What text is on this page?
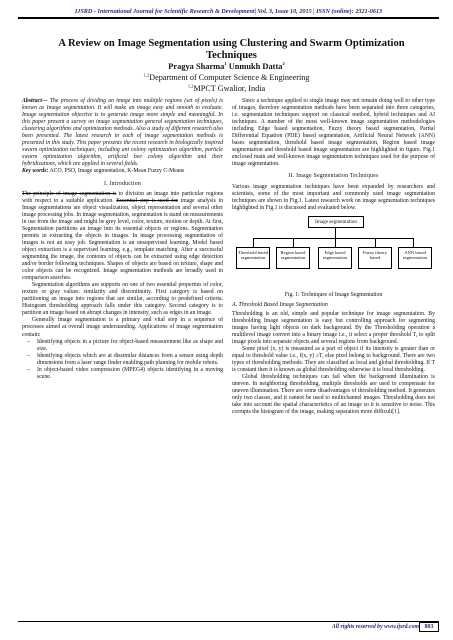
IJSRD - International Journal for Scientific Research & Development| Vol. 3, Issue 10, 2015 | ISSN (online): 2321-0613
A Review on Image Segmentation using Clustering and Swarm Optimization Techniques
Pragya Sharma$^1$ Unmukh Datta$^2$
$^{1,2}$Department of Computer Science & Engineering
$^{1,2}$MPCT Gwalior, India

Abstract— The process of dividing an image into multiple regions (set of pixels) is known as Image segmentation. It will make an image easy and smooth to evaluate. Image segmentation objective is to generate image more simple and meaningful. In this paper present a survey on image segmentation general segmentation techniques, clustering algorithms and optimization methods. Also a study of different research also been presented. The latest research in each of image segmentation methods is presented in this study. This paper presents the recent research in biologically inspired swarm optimization techniques, including ant colony optimization algorithm, particle swarm optimization algorithm, artificial bee colony algorithm and their hybridizations, which are applied in several fields.

Key words: ACO, PSO, Image segmentation, K-Mean Fuzzy C-Means

I. Introduction

The principle of image segmentation is to division an image into particular regions with respect to a suitable application. Essential step is used for image analysis in Image segmentations are object visualization, object representation and several other image processing jobs. In image segmentation, segmentation is stand on measurements in use from the image and might be grey level, color, texture, motion or depth. At first, Segmentation partitions an image into its essential objects or regions. Segmentation permits in extracting the objects in images. In image processing segmentation of images is not an easy job. Segmentation is an unsupervised learning. Model based object extraction is a supervised learning, e.g., template matching. After a successful segmenting the image, the contours of objects can be extracted using edge detection and/or border following techniques. Shapes of objects are based on texture, shape and color objects can be recognized. Image segmentation methods are broadly used in comparison searches.

Segmentation algorithms are supports on one of two essential properties of color, texture or gray values: similarity and discontinuity. First category is based on partitioning an image into regions that are similar, according to predefined criteria. Histogram thresholding approach falls under this category. Second category is to partition an image based on abrupt changes in intensity, such as edges in an image.

Generally image segmentation is a primary and vital step in a sequence of processes aimed at overall image understanding. Applications of image segmentation contain:

–	Identifying objects in a picture for object-based measurement like as shape and size.
–	Identifying objects which are at dissimilar distances from a sensor using depth dimensions from a laser range finder enabling path planning for mobile robots.
–	In object-based video compression (MPEG4) objects identifying in a moving scene.

Since a technique applied to single image may not remain doing well to other type of images, therefore segmentation methods have been separated into three categories, i.e. segmentation techniques support on classical method, hybrid techniques and AI techniques. A number of the most well-known image segmentation methodologies including Edge based segmentation, Fuzzy theory based segmentation, Partial Differential Equation (PDE) based segmentation, Artificial Neural Network (ANN) bases segmentation, threshold based image segmentation, Region based image segmentation and threshold based image segmentation are highlighted in figure. Fig.1 enclosed main and well-known image segmentation techniques used for the purpose of image segmentation.

II. Image Segmentation Techniques

Various image segmentation techniques have been expanded by researchers and scientists, some of the most important and commonly used image segmentation techniques are shown in Fig.1. Latest research work on image segmentation techniques highlighted in Fig.1 is discussed and evaluated below.

Image segmentation
Threshold based segmentation
Region based segmentation
Edge based segmentation
Fuzzy theory based
ANN based segmentation
Fig. 1: Techniques of Image Segmentation
A. Threshold Based Image Segmentation

Thresholding is an old, simple and popular technique for image segmentation. By thresholding Image segmentation is easy but controlling approach for segmenting images having light objects on dark background. By the Thresholding operation a multilevel image convert into a binary image i.e., it select a proper threshold T, to split image pixels into separate objects and several regions from background.

Some pixel (x, y) is measured as a part of object if its intensity is greater than or equal to threshold value i.e., f(x, y) ≥T, else pixel belong to background. There are two types of thresholding methods. They are classified as local and global thresholding. If T is constant then it is known as global thresholding otherwise it is local thresholding.

Global thresholding techniques can fail when the background illumination is uneven. In neighboring thresholding, multiple thresholds are used to compensate for uneven illumination. There are some disadvantages of thresholding method. It generates only two classes, and it cannot be used to multichannel images. Thresholding does not take into account the spatial characteristics of an image so it is sensitive to noise. This corrupts the histogram of the image, making separation more difficult[1].

All rights reserved by www.ijsrd.com 803
